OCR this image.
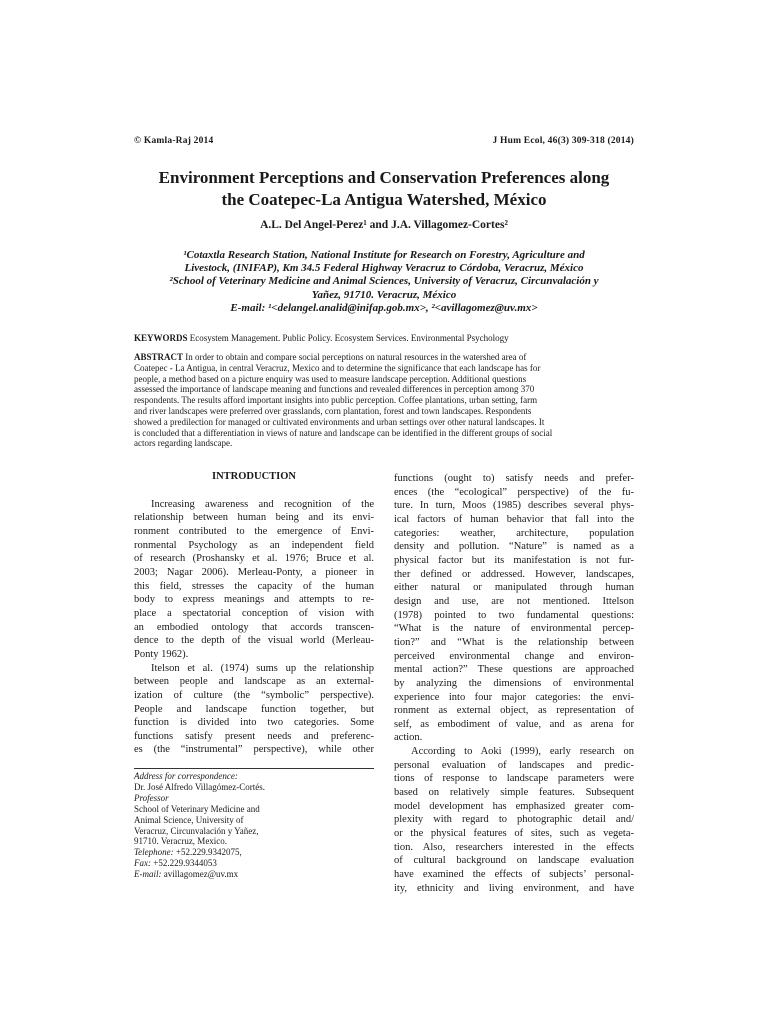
© Kamla-Raj 2014	J Hum Ecol, 46(3) 309-318 (2014)
Environment Perceptions and Conservation Preferences along
the Coatepec-La Antigua Watershed, México
A.L. Del Angel-Perez¹ and J.A. Villagomez-Cortes²
¹Cotaxtla Research Station, National Institute for Research on Forestry, Agriculture and
Livestock, (INIFAP), Km 34.5 Federal Highway Veracruz to Córdoba, Veracruz, México
²School of Veterinary Medicine and Animal Sciences, University of Veracruz, Circunvalación y
Yañez, 91710. Veracruz, México
E-mail: ¹<delangel.analid@inifap.gob.mx>, ²<avillagomez@uv.mx>
KEYWORDS Ecosystem Management. Public Policy. Ecosystem Services. Environmental Psychology
ABSTRACT In order to obtain and compare social perceptions on natural resources in the watershed area of
Coatepec - La Antigua, in central Veracruz, Mexico and to determine the significance that each landscape has for
people, a method based on a picture enquiry was used to measure landscape perception. Additional questions
assessed the importance of landscape meaning and functions and revealed differences in perception among 370
respondents. The results afford important insights into public perception. Coffee plantations, urban setting, farm
and river landscapes were preferred over grasslands, corn plantation, forest and town landscapes. Respondents
showed a predilection for managed or cultivated environments and urban settings over other natural landscapes. It
is concluded that a differentiation in views of nature and landscape can be identified in the different groups of social
actors regarding landscape.
INTRODUCTION
Increasing awareness and recognition of the
relationship between human being and its envi-
ronment contributed to the emergence of Envi-
ronmental Psychology as an independent field
of research (Proshansky et al. 1976; Bruce et al.
2003; Nagar 2006). Merleau-Ponty, a pioneer in
this field, stresses the capacity of the human
body to express meanings and attempts to re-
place a spectatorial conception of vision with
an embodied ontology that accords transcen-
dence to the depth of the visual world (Merleau-
Ponty 1962).
Itelson et al. (1974) sums up the relationship
between people and landscape as an external-
ization of culture (the “symbolic” perspective).
People and landscape function together, but
function is divided into two categories. Some
functions satisfy present needs and preferenc-
es (the “instrumental” perspective), while other
Address for correspondence:
Dr. José Alfredo Villagómez-Cortés.
Professor
School of Veterinary Medicine and
Animal Science, University of
Veracruz, Circunvalación y Yañez,
91710. Veracruz, Mexico.
Telephone: +52.229.9342075,
Fax: +52.229.9344053
E-mail: avillagomez@uv.mx
functions (ought to) satisfy needs and prefer-
ences (the “ecological” perspective) of the fu-
ture. In turn, Moos (1985) describes several phys-
ical factors of human behavior that fall into the
categories: weather, architecture, population
density and pollution. “Nature” is named as a
physical factor but its manifestation is not fur-
ther defined or addressed. However, landscapes,
either natural or manipulated through human
design and use, are not mentioned. Ittelson
(1978) pointed to two fundamental questions:
“What is the nature of environmental percep-
tion?” and “What is the relationship between
perceived environmental change and environ-
mental action?” These questions are approached
by analyzing the dimensions of environmental
experience into four major categories: the envi-
ronment as external object, as representation of
self, as embodiment of value, and as arena for
action.
According to Aoki (1999), early research on
personal evaluation of landscapes and predic-
tions of response to landscape parameters were
based on relatively simple features. Subsequent
model development has emphasized greater com-
plexity with regard to photographic detail and/
or the physical features of sites, such as vegeta-
tion. Also, researchers interested in the effects
of cultural background on landscape evaluation
have examined the effects of subjects’ personal-
ity, ethnicity and living environment, and have
